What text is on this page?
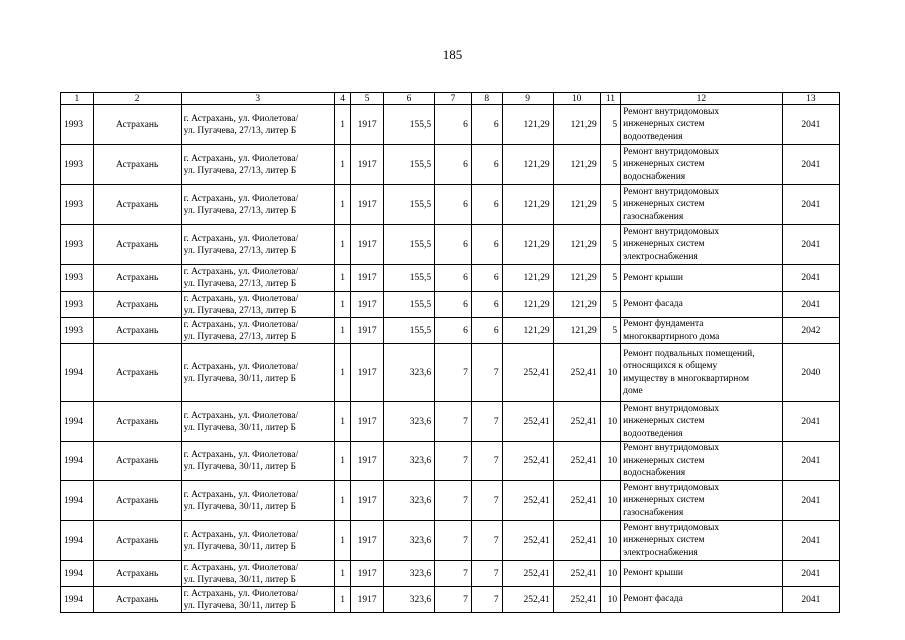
185
1	2	3	4	5	6	7	8	9	10	11	12	13
1993	Астрахань	г. Астрахань, ул. Фиолетова/
ул. Пугачева, 27/13, литер Б	1	1917	155,5	6	6	121,29	121,29	5	Ремонт внутридомовых
инженерных систем
водоотведения	2041
1993	Астрахань	г. Астрахань, ул. Фиолетова/
ул. Пугачева, 27/13, литер Б	1	1917	155,5	6	6	121,29	121,29	5	Ремонт внутридомовых
инженерных систем
водоснабжения	2041
1993	Астрахань	г. Астрахань, ул. Фиолетова/
ул. Пугачева, 27/13, литер Б	1	1917	155,5	6	6	121,29	121,29	5	Ремонт внутридомовых
инженерных систем
газоснабжения	2041
1993	Астрахань	г. Астрахань, ул. Фиолетова/
ул. Пугачева, 27/13, литер Б	1	1917	155,5	6	6	121,29	121,29	5	Ремонт внутридомовых
инженерных систем
электроснабжения	2041
1993	Астрахань	г. Астрахань, ул. Фиолетова/
ул. Пугачева, 27/13, литер Б	1	1917	155,5	6	6	121,29	121,29	5	Ремонт крыши	2041
1993	Астрахань	г. Астрахань, ул. Фиолетова/
ул. Пугачева, 27/13, литер Б	1	1917	155,5	6	6	121,29	121,29	5	Ремонт фасада	2041
1993	Астрахань	г. Астрахань, ул. Фиолетова/
ул. Пугачева, 27/13, литер Б	1	1917	155,5	6	6	121,29	121,29	5	Ремонт фундамента
многоквартирного дома	2042
1994	Астрахань	г. Астрахань, ул. Фиолетова/
ул. Пугачева, 30/11, литер Б	1	1917	323,6	7	7	252,41	252,41	10	Ремонт подвальных помещений,
относящихся к общему
имуществу в многоквартирном
доме	2040
1994	Астрахань	г. Астрахань, ул. Фиолетова/
ул. Пугачева, 30/11, литер Б	1	1917	323,6	7	7	252,41	252,41	10	Ремонт внутридомовых
инженерных систем
водоотведения	2041
1994	Астрахань	г. Астрахань, ул. Фиолетова/
ул. Пугачева, 30/11, литер Б	1	1917	323,6	7	7	252,41	252,41	10	Ремонт внутридомовых
инженерных систем
водоснабжения	2041
1994	Астрахань	г. Астрахань, ул. Фиолетова/
ул. Пугачева, 30/11, литер Б	1	1917	323,6	7	7	252,41	252,41	10	Ремонт внутридомовых
инженерных систем
газоснабжения	2041
1994	Астрахань	г. Астрахань, ул. Фиолетова/
ул. Пугачева, 30/11, литер Б	1	1917	323,6	7	7	252,41	252,41	10	Ремонт внутридомовых
инженерных систем
электроснабжения	2041
1994	Астрахань	г. Астрахань, ул. Фиолетова/
ул. Пугачева, 30/11, литер Б	1	1917	323,6	7	7	252,41	252,41	10	Ремонт крыши	2041
1994	Астрахань	г. Астрахань, ул. Фиолетова/
ул. Пугачева, 30/11, литер Б	1	1917	323,6	7	7	252,41	252,41	10	Ремонт фасада	2041
